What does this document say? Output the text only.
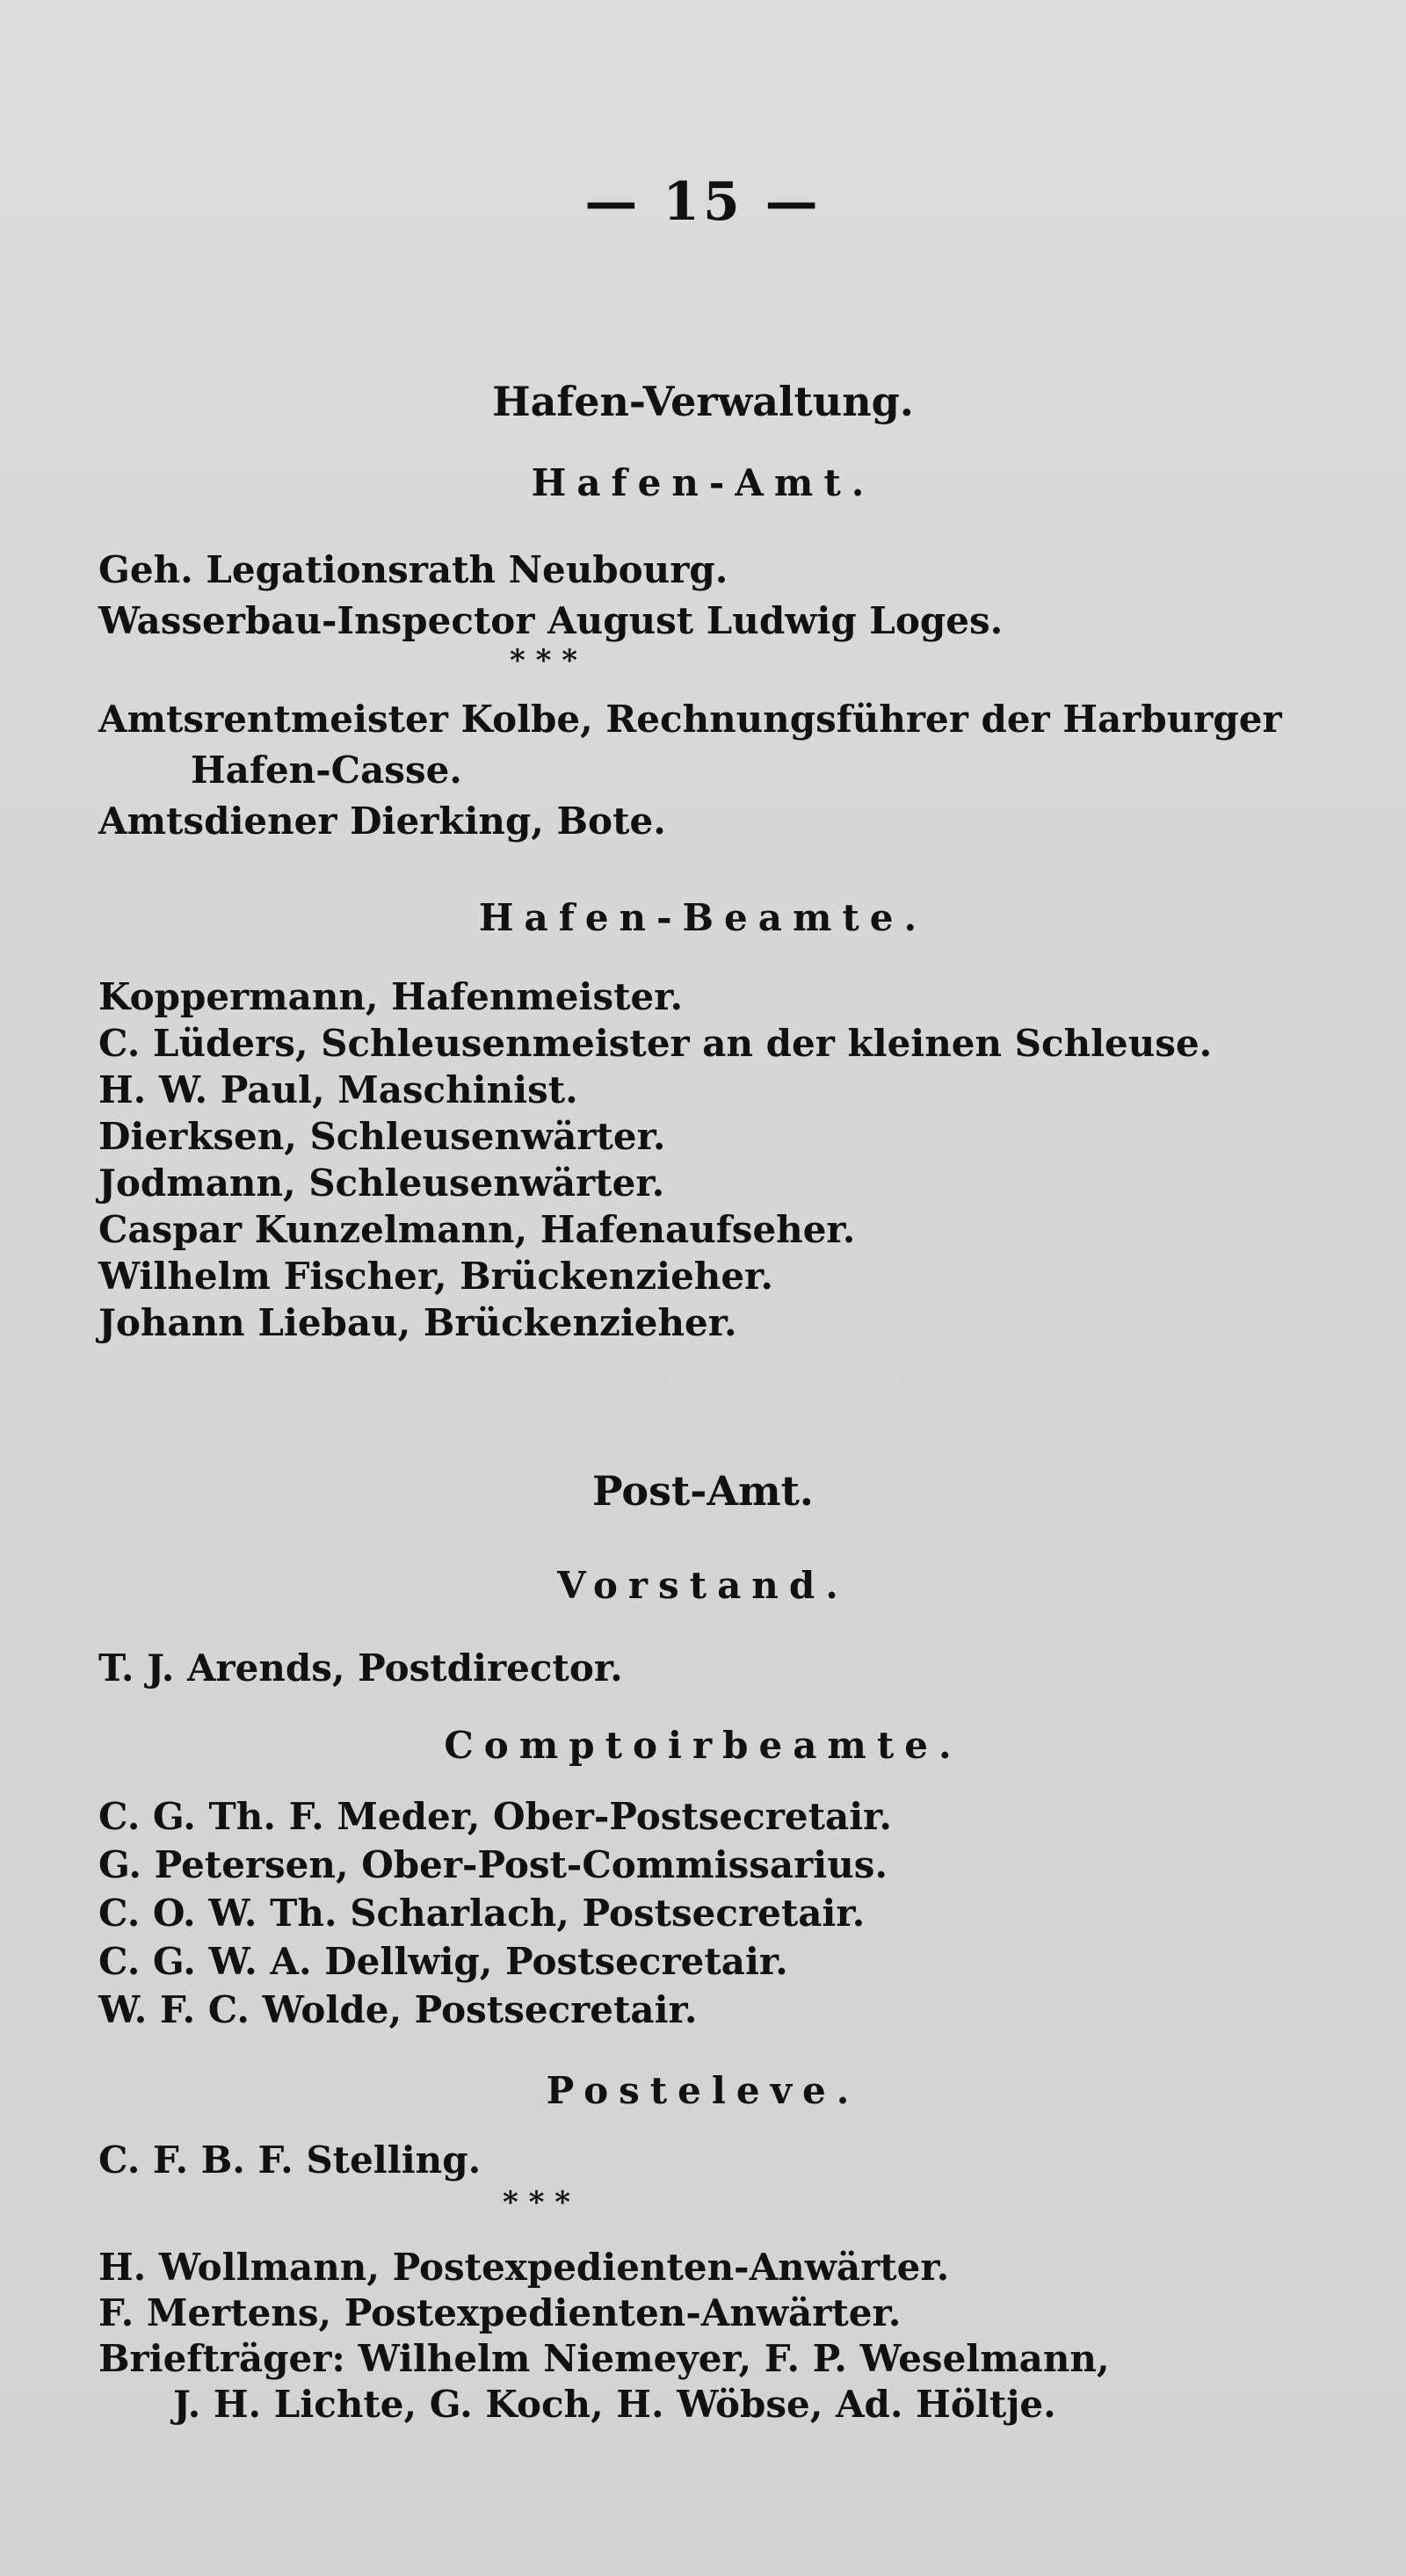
— 15 —
Hafen-Verwaltung.
Hafen-Amt.
Geh. Legationsrath Neubourg.
Wasserbau-Inspector August Ludwig Loges.
* * *
Amtsrentmeister Kolbe, Rechnungsführer der Harburger
Hafen-Casse.
Amtsdiener Dierking, Bote.
Hafen-Beamte.
Koppermann, Hafenmeister.
C. Lüders, Schleusenmeister an der kleinen Schleuse.
H. W. Paul, Maschinist.
Dierksen, Schleusenwärter.
Jodmann, Schleusenwärter.
Caspar Kunzelmann, Hafenaufseher.
Wilhelm Fischer, Brückenzieher.
Johann Liebau, Brückenzieher.
Post-Amt.
Vorstand.
T. J. Arends, Postdirector.
Comptoirbeamte.
C. G. Th. F. Meder, Ober-Postsecretair.
G. Petersen, Ober-Post-Commissarius.
C. O. W. Th. Scharlach, Postsecretair.
C. G. W. A. Dellwig, Postsecretair.
W. F. C. Wolde, Postsecretair.
Posteleve.
C. F. B. F. Stelling.
* * *
H. Wollmann, Postexpedienten-Anwärter.
F. Mertens, Postexpedienten-Anwärter.
Briefträger: Wilhelm Niemeyer, F. P. Weselmann,
J. H. Lichte, G. Koch, H. Wöbse, Ad. Höltje.
